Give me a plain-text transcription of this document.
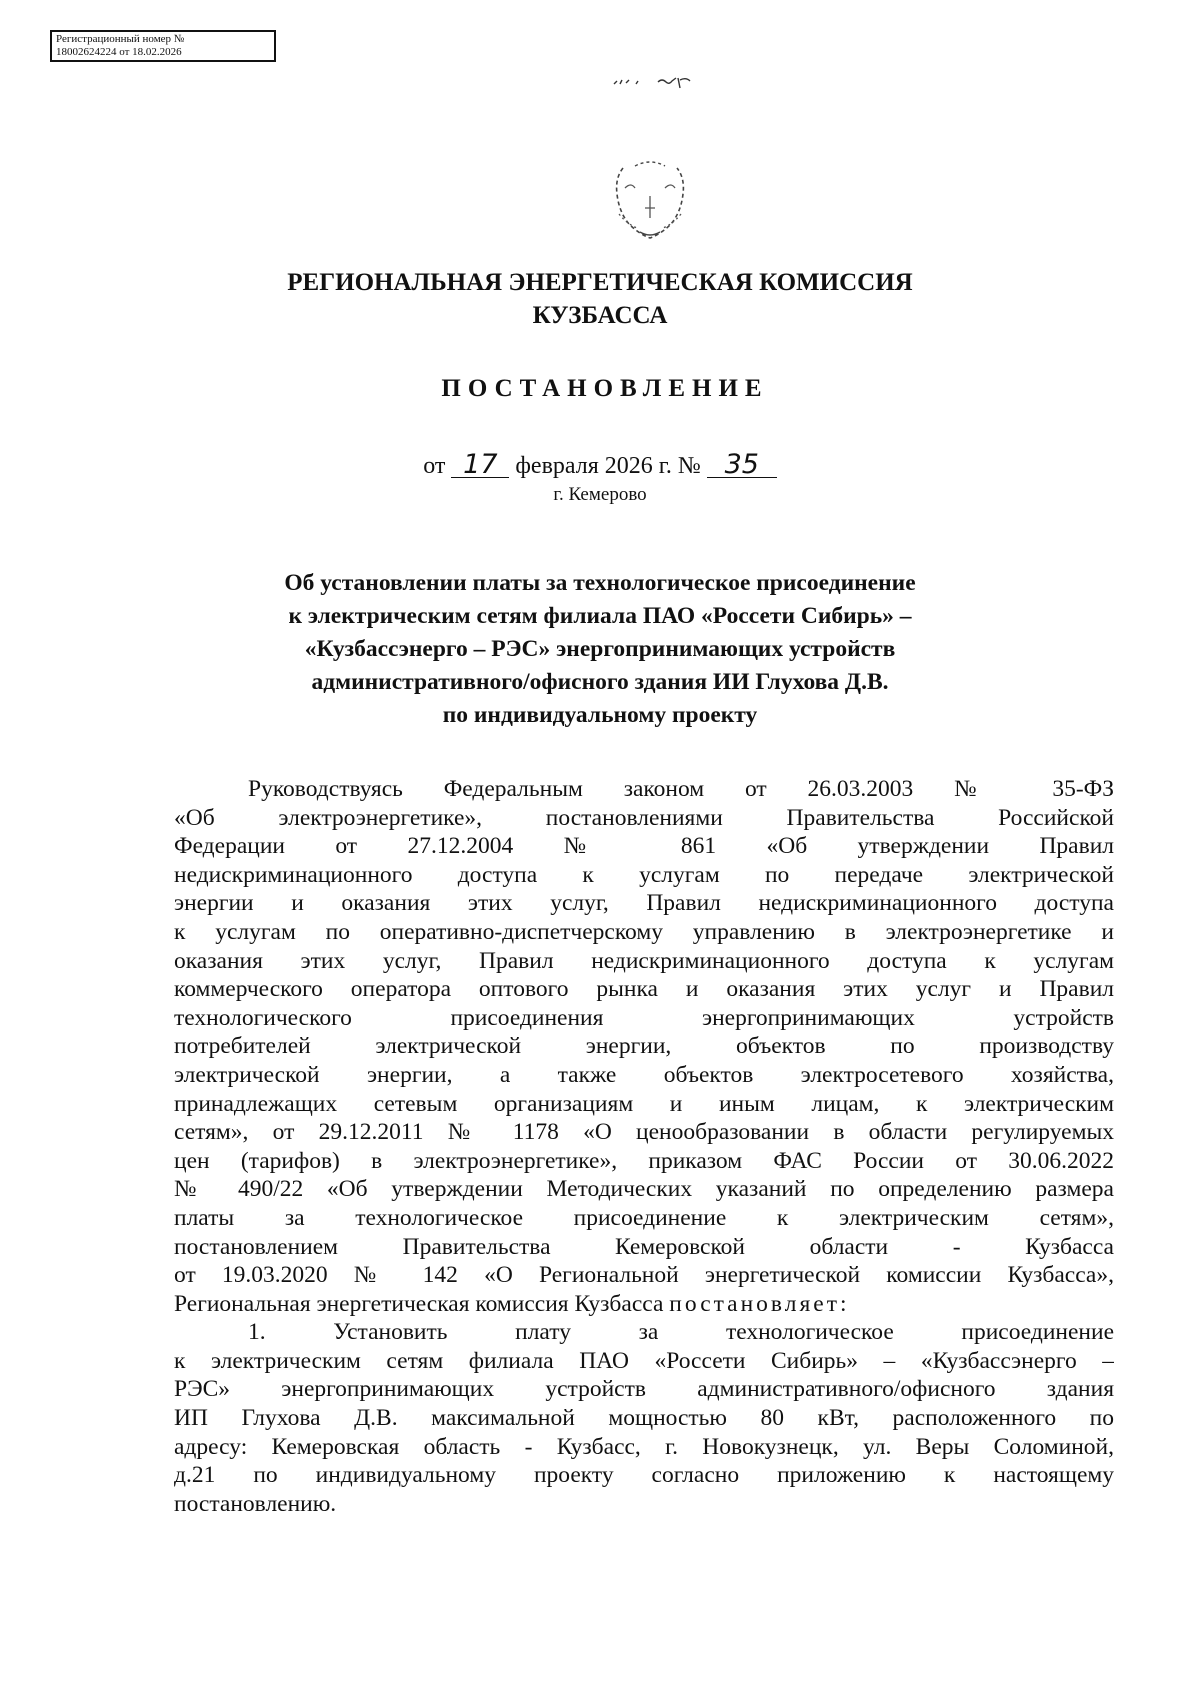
Регистрационный номер №
18002624224 от 18.02.2026
РЕГИОНАЛЬНАЯ ЭНЕРГЕТИЧЕСКАЯ КОМИССИЯ
КУЗБАССА
ПОСТАНОВЛЕНИЕ
от 17 февраля 2026 г. № 35
г. Кемерово
Об установлении платы за технологическое присоединение
к электрическим сетям филиала ПАО «Россети Сибирь» –
«Кузбассэнерго – РЭС» энергопринимающих устройств
административного/офисного здания ИИ Глухова Д.В.
по индивидуальному проекту
Руководствуясь Федеральным законом от 26.03.2003 № 35-ФЗ
«Об электроэнергетике», постановлениями Правительства Российской
Федерации от 27.12.2004 № 861 «Об утверждении Правил
недискриминационного доступа к услугам по передаче электрической
энергии и оказания этих услуг, Правил недискриминационного доступа
к услугам по оперативно-диспетчерскому управлению в электроэнергетике и
оказания этих услуг, Правил недискриминационного доступа к услугам
коммерческого оператора оптового рынка и оказания этих услуг и Правил
технологического присоединения энергопринимающих устройств
потребителей электрической энергии, объектов по производству
электрической энергии, а также объектов электросетевого хозяйства,
принадлежащих сетевым организациям и иным лицам, к электрическим
сетям», от 29.12.2011 № 1178 «О ценообразовании в области регулируемых
цен (тарифов) в электроэнергетике», приказом ФАС России от 30.06.2022
№ 490/22 «Об утверждении Методических указаний по определению размера
платы за технологическое присоединение к электрическим сетям»,
постановлением Правительства Кемеровской области - Кузбасса
от 19.03.2020 № 142 «О Региональной энергетической комиссии Кузбасса»,
Региональная энергетическая комиссия Кузбасса постановляет:
1. Установить плату за технологическое присоединение
к электрическим сетям филиала ПАО «Россети Сибирь» – «Кузбассэнерго –
РЭС» энергопринимающих устройств административного/офисного здания
ИП Глухова Д.В. максимальной мощностью 80 кВт, расположенного по
адресу: Кемеровская область - Кузбасс, г. Новокузнецк, ул. Веры Соломиной,
д.21 по индивидуальному проекту согласно приложению к настоящему
постановлению.
